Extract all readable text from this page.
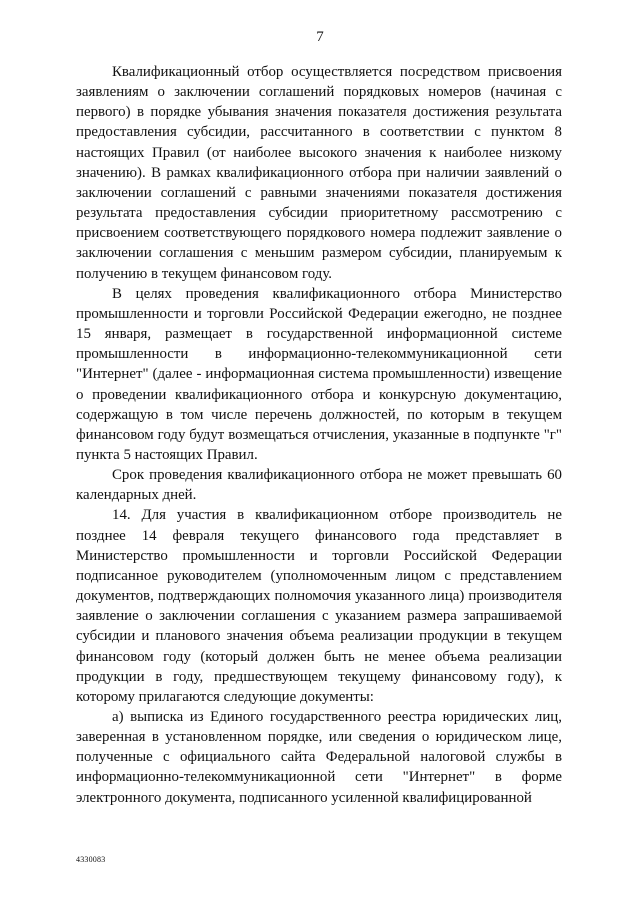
7

Квалификационный отбор осуществляется посредством присвоения заявлениям о заключении соглашений порядковых номеров (начиная с первого) в порядке убывания значения показателя достижения результата предоставления субсидии, рассчитанного в соответствии с пунктом 8 настоящих Правил (от наиболее высокого значения к наиболее низкому значению). В рамках квалификационного отбора при наличии заявлений о заключении соглашений с равными значениями показателя достижения результата предоставления субсидии приоритетному рассмотрению с присвоением соответствующего порядкового номера подлежит заявление о заключении соглашения с меньшим размером субсидии, планируемым к получению в текущем финансовом году.

В целях проведения квалификационного отбора Министерство промышленности и торговли Российской Федерации ежегодно, не позднее 15 января, размещает в государственной информационной системе промышленности в информационно-телекоммуникационной сети "Интернет" (далее - информационная система промышленности) извещение о проведении квалификационного отбора и конкурсную документацию, содержащую в том числе перечень должностей, по которым в текущем финансовом году будут возмещаться отчисления, указанные в подпункте "г" пункта 5 настоящих Правил.

Срок проведения квалификационного отбора не может превышать 60 календарных дней.

14. Для участия в квалификационном отборе производитель не позднее 14 февраля текущего финансового года представляет в Министерство промышленности и торговли Российской Федерации подписанное руководителем (уполномоченным лицом с представлением документов, подтверждающих полномочия указанного лица) производителя заявление о заключении соглашения с указанием размера запрашиваемой субсидии и планового значения объема реализации продукции в текущем финансовом году (который должен быть не менее объема реализации продукции в году, предшествующем текущему финансовому году), к которому прилагаются следующие документы:

а) выписка из Единого государственного реестра юридических лиц, заверенная в установленном порядке, или сведения о юридическом лице, полученные с официального сайта Федеральной налоговой службы в информационно-телекоммуникационной сети "Интернет" в форме электронного документа, подписанного усиленной квалифицированной

4330083
